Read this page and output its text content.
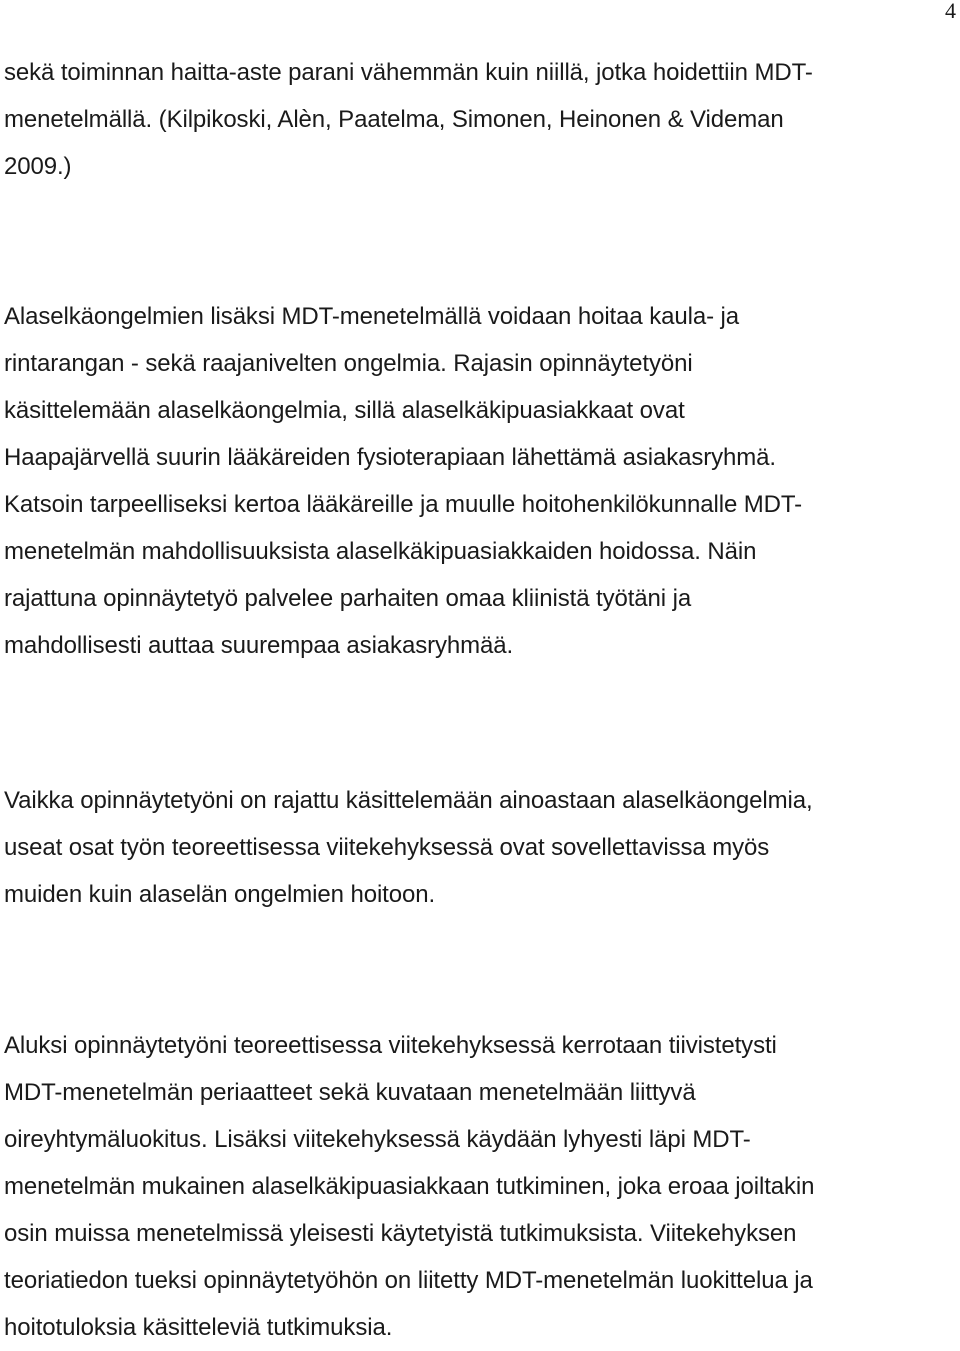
4

sekä toiminnan haitta-aste parani vähemmän kuin niillä, jotka hoidettiin MDT-
menetelmällä. (Kilpikoski, Alèn, Paatelma, Simonen, Heinonen & Videman
2009.)

Alaselkäongelmien lisäksi MDT-menetelmällä voidaan hoitaa kaula- ja
rintarangan - sekä raajanivelten ongelmia. Rajasin opinnäytetyöni
käsittelemään alaselkäongelmia, sillä alaselkäkipuasiakkaat ovat
Haapajärvellä suurin lääkäreiden fysioterapiaan lähettämä asiakasryhmä.
Katsoin tarpeelliseksi kertoa lääkäreille ja muulle hoitohenkilökunnalle MDT-
menetelmän mahdollisuuksista alaselkäkipuasiakkaiden hoidossa. Näin
rajattuna opinnäytetyö palvelee parhaiten omaa kliinistä työtäni ja
mahdollisesti auttaa suurempaa asiakasryhmää.

Vaikka opinnäytetyöni on rajattu käsittelemään ainoastaan alaselkäongelmia,
useat osat työn teoreettisessa viitekehyksessä ovat sovellettavissa myös
muiden kuin alaselän ongelmien hoitoon.

Aluksi opinnäytetyöni teoreettisessa viitekehyksessä kerrotaan tiivistetysti
MDT-menetelmän periaatteet sekä kuvataan menetelmään liittyvä
oireyhtymäluokitus. Lisäksi viitekehyksessä käydään lyhyesti läpi MDT-
menetelmän mukainen alaselkäkipuasiakkaan tutkiminen, joka eroaa joiltakin
osin muissa menetelmissä yleisesti käytetyistä tutkimuksista. Viitekehyksen
teoriatiedon tueksi opinnäytetyöhön on liitetty MDT-menetelmän luokittelua ja
hoitotuloksia käsitteleviä tutkimuksia.
